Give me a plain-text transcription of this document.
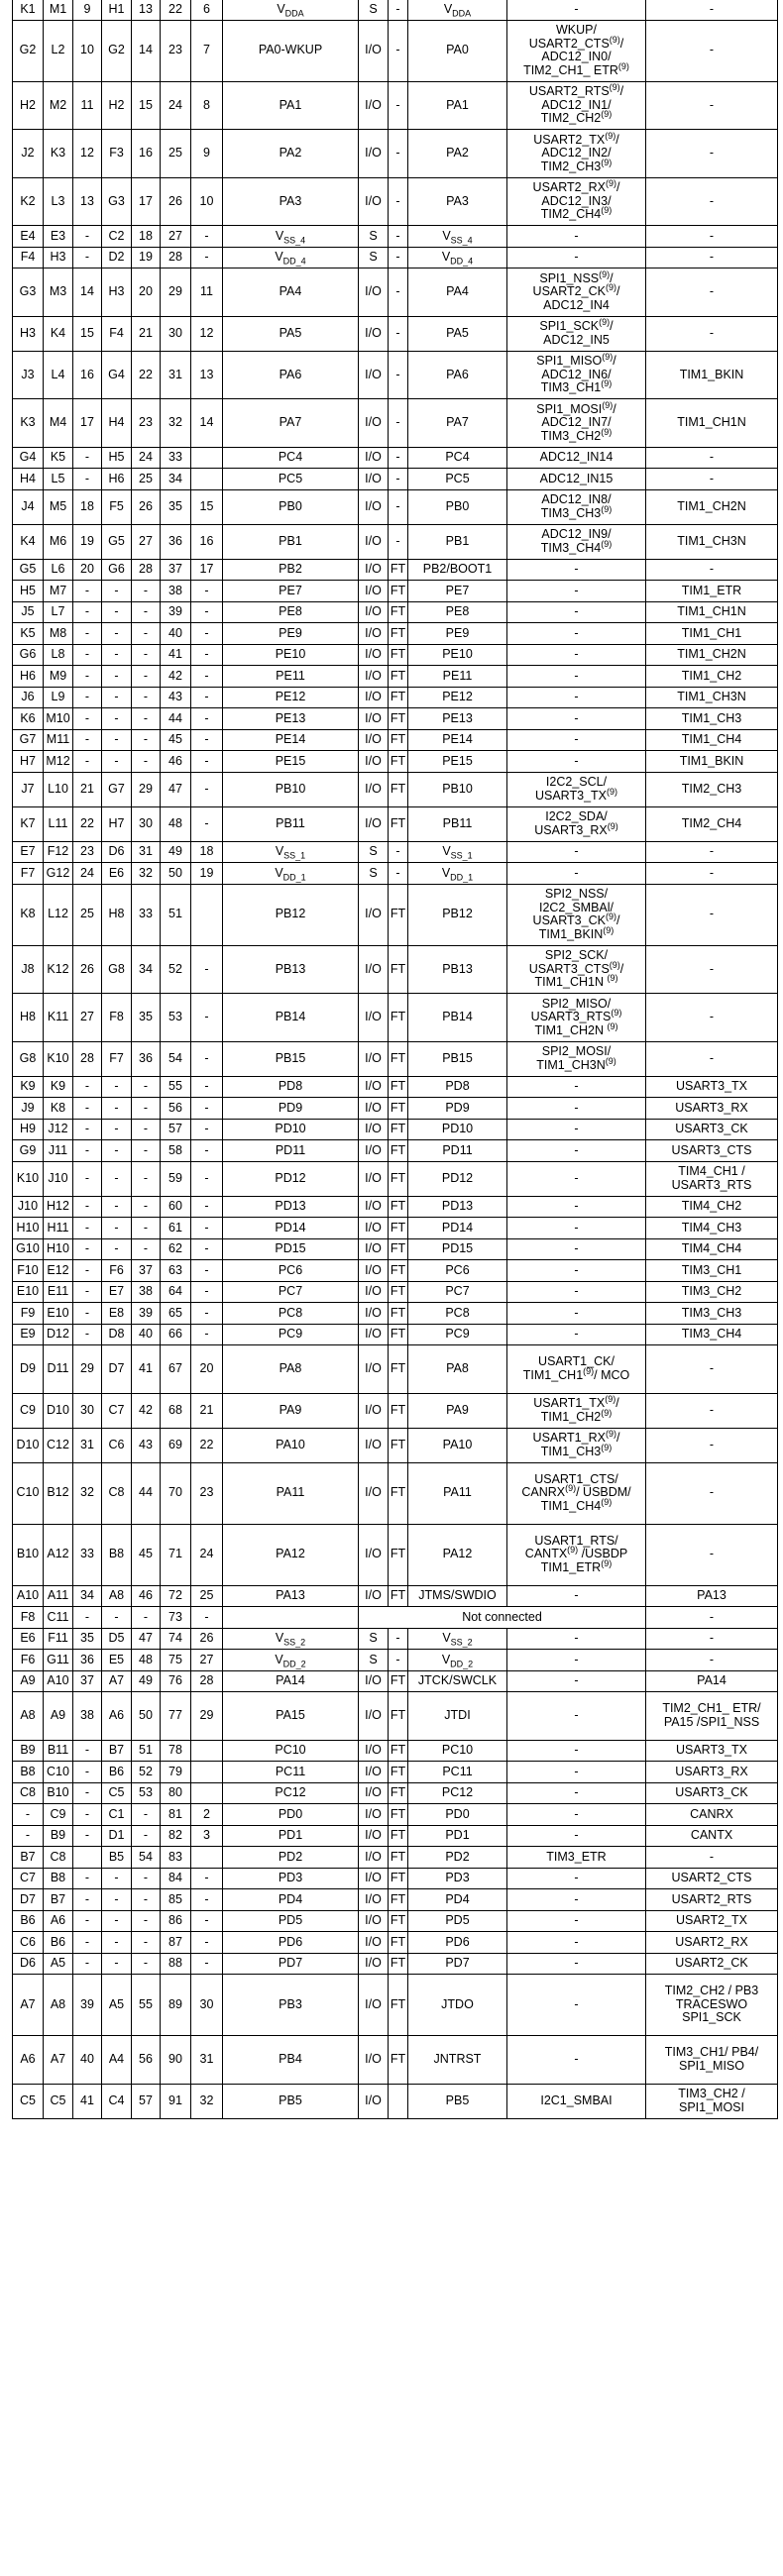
K1	M1	9	H1	13	22	6	$V_{DDA}$	S	-	$V_{DDA}$	-	-
G2	L2	10	G2	14	23	7	PA0-WKUP	I/O	-	PA0	WKUP/ USART2_CTS$^{(9)}$/ ADC12_IN0/ TIM2_CH1_ ETR$^{(9)}$	-
H2	M2	11	H2	15	24	8	PA1	I/O	-	PA1	USART2_RTS$^{(9)}$/ ADC12_IN1/ TIM2_CH2$^{(9)}$	-
J2	K3	12	F3	16	25	9	PA2	I/O	-	PA2	USART2_TX$^{(9)}$/ ADC12_IN2/ TIM2_CH3$^{(9)}$	-
K2	L3	13	G3	17	26	10	PA3	I/O	-	PA3	USART2_RX$^{(9)}$/ ADC12_IN3/ TIM2_CH4$^{(9)}$	-
E4	E3	-	C2	18	27	-	$V_{SS\_4}$	S	-	$V_{SS\_4}$	-	-
F4	H3	-	D2	19	28	-	$V_{DD\_4}$	S	-	$V_{DD\_4}$	-	-
G3	M3	14	H3	20	29	11	PA4	I/O	-	PA4	SPI1_NSS$^{(9)}$/ USART2_CK$^{(9)}$/ ADC12_IN4	-
H3	K4	15	F4	21	30	12	PA5	I/O	-	PA5	SPI1_SCK$^{(9)}$/ ADC12_IN5	-
J3	L4	16	G4	22	31	13	PA6	I/O	-	PA6	SPI1_MISO$^{(9)}$/ ADC12_IN6/ TIM3_CH1$^{(9)}$	TIM1_BKIN
K3	M4	17	H4	23	32	14	PA7	I/O	-	PA7	SPI1_MOSI$^{(9)}$/ ADC12_IN7/ TIM3_CH2$^{(9)}$	TIM1_CH1N
G4	K5	-	H5	24	33		PC4	I/O	-	PC4	ADC12_IN14	-
H4	L5	-	H6	25	34		PC5	I/O	-	PC5	ADC12_IN15	-
J4	M5	18	F5	26	35	15	PB0	I/O	-	PB0	ADC12_IN8/ TIM3_CH3$^{(9)}$	TIM1_CH2N
K4	M6	19	G5	27	36	16	PB1	I/O	-	PB1	ADC12_IN9/ TIM3_CH4$^{(9)}$	TIM1_CH3N
G5	L6	20	G6	28	37	17	PB2	I/O	FT	PB2/BOOT1	-	-
H5	M7	-	-	-	38	-	PE7	I/O	FT	PE7	-	TIM1_ETR
J5	L7	-	-	-	39	-	PE8	I/O	FT	PE8	-	TIM1_CH1N
K5	M8	-	-	-	40	-	PE9	I/O	FT	PE9	-	TIM1_CH1
G6	L8	-	-	-	41	-	PE10	I/O	FT	PE10	-	TIM1_CH2N
H6	M9	-	-	-	42	-	PE11	I/O	FT	PE11	-	TIM1_CH2
J6	L9	-	-	-	43	-	PE12	I/O	FT	PE12	-	TIM1_CH3N
K6	M10	-	-	-	44	-	PE13	I/O	FT	PE13	-	TIM1_CH3
G7	M11	-	-	-	45	-	PE14	I/O	FT	PE14	-	TIM1_CH4
H7	M12	-	-	-	46	-	PE15	I/O	FT	PE15	-	TIM1_BKIN
J7	L10	21	G7	29	47	-	PB10	I/O	FT	PB10	I2C2_SCL/ USART3_TX$^{(9)}$	TIM2_CH3
K7	L11	22	H7	30	48	-	PB11	I/O	FT	PB11	I2C2_SDA/ USART3_RX$^{(9)}$	TIM2_CH4
E7	F12	23	D6	31	49	18	$V_{SS\_1}$	S	-	$V_{SS\_1}$	-	-
F7	G12	24	E6	32	50	19	$V_{DD\_1}$	S	-	$V_{DD\_1}$	-	-
K8	L12	25	H8	33	51		PB12	I/O	FT	PB12	SPI2_NSS/ I2C2_SMBAl/ USART3_CK$^{(9)}$/ TIM1_BKIN$^{(9)}$	-
J8	K12	26	G8	34	52	-	PB13	I/O	FT	PB13	SPI2_SCK/ USART3_CTS$^{(9)}$/ TIM1_CH1N $^{(9)}$	-
H8	K11	27	F8	35	53	-	PB14	I/O	FT	PB14	SPI2_MISO/ USART3_RTS$^{(9)}$ TIM1_CH2N $^{(9)}$	-
G8	K10	28	F7	36	54	-	PB15	I/O	FT	PB15	SPI2_MOSI/ $TIM1\_CH3N^{(9)}$	-
K9	K9	-	-	-	55	-	PD8	I/O	FT	PD8	-	USART3_TX
J9	K8	-	-	-	56	-	PD9	I/O	FT	PD9	-	USART3_RX
H9	J12	-	-	-	57	-	PD10	I/O	FT	PD10	-	USART3_CK
G9	J11	-	-	-	58	-	PD11	I/O	FT	PD11	-	USART3_CTS
K10	J10	-	-	-	59	-	PD12	I/O	FT	PD12	-	TIM4_CH1 / USART3_RTS
J10	H12	-	-	-	60	-	PD13	I/O	FT	PD13	-	TIM4_CH2
H10	H11	-	-	-	61	-	PD14	I/O	FT	PD14	-	TIM4_CH3
G10	H10	-	-	-	62	-	PD15	I/O	FT	PD15	-	TIM4_CH4
F10	E12	-	F6	37	63	-	PC6	I/O	FT	PC6	-	TIM3_CH1
E10	E11	-	E7	38	64	-	PC7	I/O	FT	PC7	-	TIM3_CH2
F9	E10	-	E8	39	65	-	PC8	I/O	FT	PC8	-	TIM3_CH3
E9	D12	-	D8	40	66	-	PC9	I/O	FT	PC9	-	TIM3_CH4
D9	D11	29	D7	41	67	20	PA8	I/O	FT	PA8	USART1_CK/ TIM1_CH1$^{(9)}$/ MCO	-
C9	D10	30	C7	42	68	21	PA9	I/O	FT	PA9	USART1_TX$^{(9)}$/ TIM1_CH2$^{(9)}$	-
D10	C12	31	C6	43	69	22	PA10	I/O	FT	PA10	USART1_RX$^{(9)}$/ TIM1_CH3$^{(9)}$	-
C10	B12	32	C8	44	70	23	PA11	I/O	FT	PA11	USART1_CTS/ CANRX$^{(9)}$/ USBDM/ TIM1_CH4$^{(9)}$	-
B10	A12	33	B8	45	71	24	PA12	I/O	FT	PA12	USART1_RTS/ CANTX$^{(9)}$ /USBDP TIM1_ETR$^{(9)}$	-
A10	A11	34	A8	46	72	25	PA13	I/O	FT	JTMS/SWDIO	-	PA13
F8	C11	-	-	-	73	-		Not connected				-
E6	F11	35	D5	47	74	26	$V_{SS\_2}$	S	-	$V_{SS\_2}$	-	-
F6	G11	36	E5	48	75	27	$V_{DD\_2}$	S	-	$V_{DD\_2}$	-	-
A9	A10	37	A7	49	76	28	PA14	I/O	FT	JTCK/SWCLK	-	PA14
A8	A9	38	A6	50	77	29	PA15	I/O	FT	JTDI	-	TIM2_CH1_ ETR/ PA15 /SPI1_NSS
B9	B11	-	B7	51	78		PC10	I/O	FT	PC10	-	USART3_TX
B8	C10	-	B6	52	79		PC11	I/O	FT	PC11	-	USART3_RX
C8	B10	-	C5	53	80		PC12	I/O	FT	PC12	-	USART3_CK
-	C9	-	C1	-	81	2	PD0	I/O	FT	PD0	-	CANRX
-	B9	-	D1	-	82	3	PD1	I/O	FT	PD1	-	CANTX
B7	C8		B5	54	83		PD2	I/O	FT	PD2	TIM3_ETR	-
C7	B8	-	-	-	84	-	PD3	I/O	FT	PD3	-	USART2_CTS
D7	B7	-	-	-	85	-	PD4	I/O	FT	PD4	-	USART2_RTS
B6	A6	-	-	-	86	-	PD5	I/O	FT	PD5	-	USART2_TX
C6	B6	-	-	-	87	-	PD6	I/O	FT	PD6	-	USART2_RX
D6	A5	-	-	-	88	-	PD7	I/O	FT	PD7	-	USART2_CK
A7	A8	39	A5	55	89	30	PB3	I/O	FT	JTDO	-	TIM2_CH2 / PB3 TRACESWO SPI1_SCK
A6	A7	40	A4	56	90	31	PB4	I/O	FT	JNTRST	-	TIM3_CH1/ PB4/ SPI1_MISO
C5	C5	41	C4	57	91	32	PB5	I/O		PB5	I2C1_SMBAI	TIM3_CH2 / SPI1_MOSI
